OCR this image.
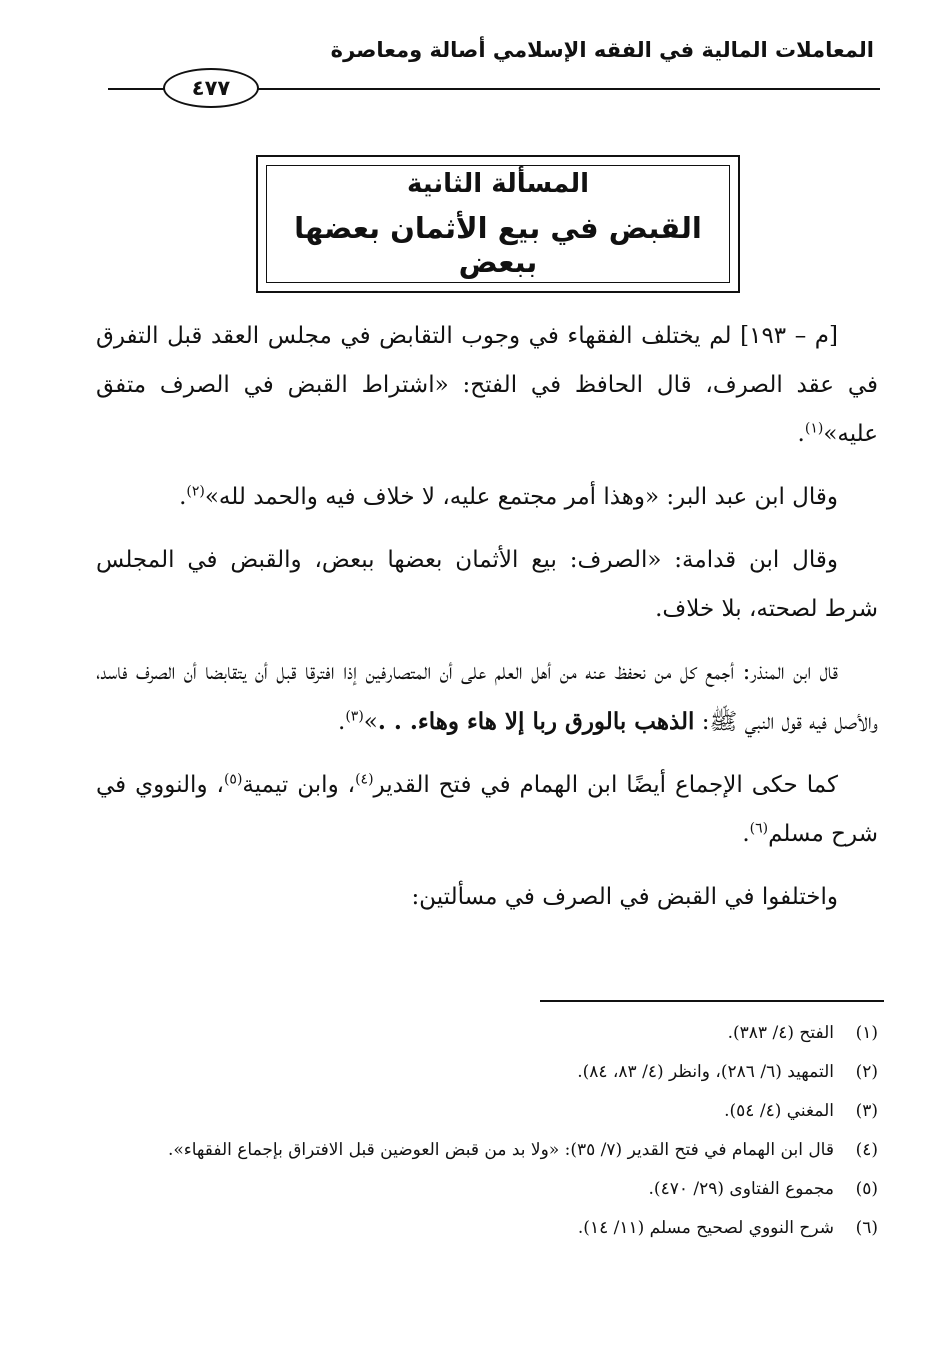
المعاملات المالية في الفقه الإسلامي أصالة ومعاصرة
٤٧٧
المسألة الثانية
القبض في بيع الأثمان بعضها ببعض

[م – ١٩٣] لم يختلف الفقهاء في وجوب التقابض في مجلس العقد قبل التفرق في عقد الصرف، قال الحافظ في الفتح: «اشتراط القبض في الصرف متفق عليه»$^{(١)}$.

وقال ابن عبد البر: «وهذا أمر مجتمع عليه، لا خلاف فيه والحمد لله»$^{(٢)}$.

وقال ابن قدامة: «الصرف: بيع الأثمان بعضها ببعض، والقبض في المجلس شرط لصحته، بلا خلاف.

قال ابن المنذر: أجمع كل من نحفظ عنه من أهل العلم على أن المتصارفين إذا افترقا قبل أن يتقابضا أن الصرف فاسد، والأصل فيه قول النبي ﷺ: الذهب بالورق ربا إلا هاء وهاء. . .»$^{(٣)}$.

كما حكى الإجماع أيضًا ابن الهمام في فتح القدير$^{(٤)}$، وابن تيمية$^{(٥)}$، والنووي في شرح مسلم$^{(٦)}$.

واختلفوا في القبض في الصرف في مسألتين:

(١)
الفتح (٤/ ٣٨٣).
(٢)
التمهيد (٦/ ٢٨٦)، وانظر (٤/ ٨٣، ٨٤).
(٣)
المغني (٤/ ٥٤).
(٤)
قال ابن الهمام في فتح القدير (٧/ ٣٥): «ولا بد من قبض العوضين قبل الافتراق بإجماع الفقهاء».
(٥)
مجموع الفتاوى (٢٩/ ٤٧٠).
(٦)
شرح النووي لصحيح مسلم (١١/ ١٤).
